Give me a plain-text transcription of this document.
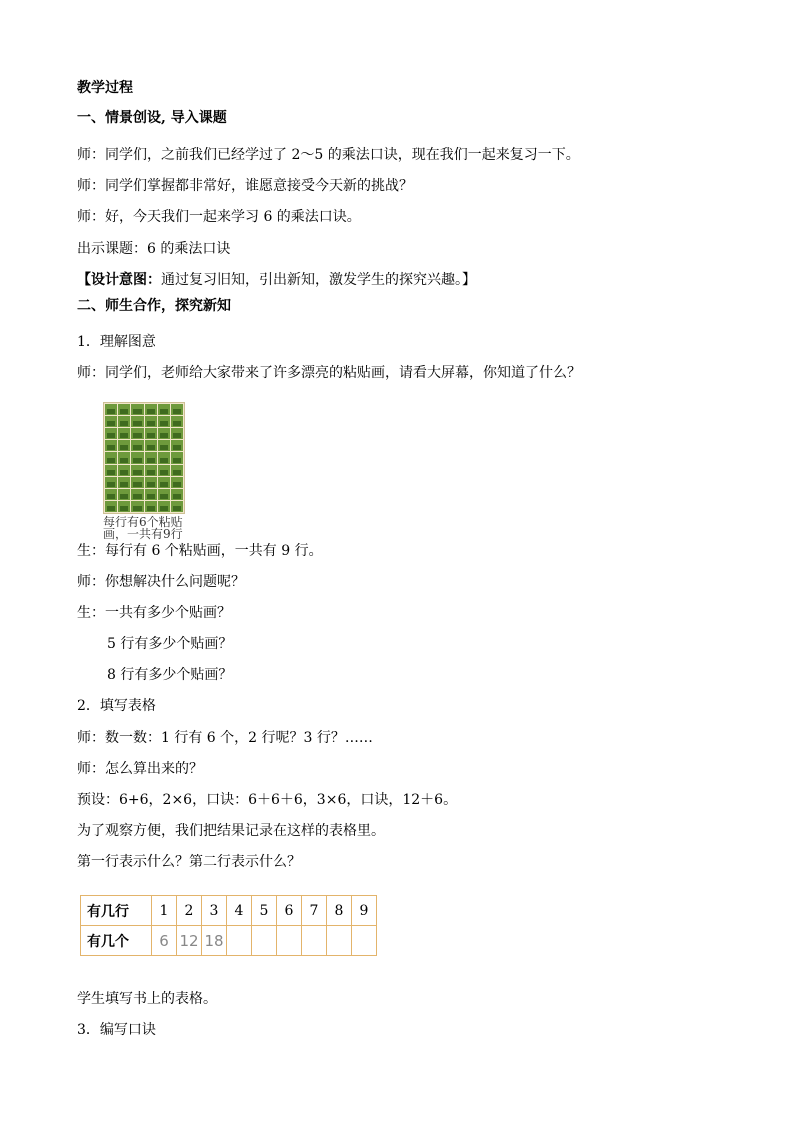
教学过程
一、情景创设, 导入课题
师：同学们，之前我们已经学过了 2～5 的乘法口诀，现在我们一起来复习一下。
师：同学们掌握都非常好，谁愿意接受今天新的挑战？
师：好，今天我们一起来学习 6 的乘法口诀。
出示课题：6 的乘法口诀
【设计意图：通过复习旧知，引出新知，激发学生的探究兴趣。】
二、师生合作，探究新知
1．理解图意
师：同学们，老师给大家带来了许多漂亮的粘贴画，请看大屏幕，你知道了什么？
每行有6个粘贴画，一共有9行
生：每行有 6 个粘贴画，一共有 9 行。
师：你想解决什么问题呢？
生：一共有多少个贴画？
5 行有多少个贴画？
8 行有多少个贴画？
2．填写表格
师：数一数：1 行有 6 个，2 行呢？3 行？……
师：怎么算出来的？
预设：6+6，2×6，口诀：6＋6＋6，3×6，口诀，12＋6。
为了观察方便，我们把结果记录在这样的表格里。
第一行表示什么？第二行表示什么？
有几行	1	2	3	4	5	6	7	8	9
有几个	6	12	18						
学生填写书上的表格。
3．编写口诀
